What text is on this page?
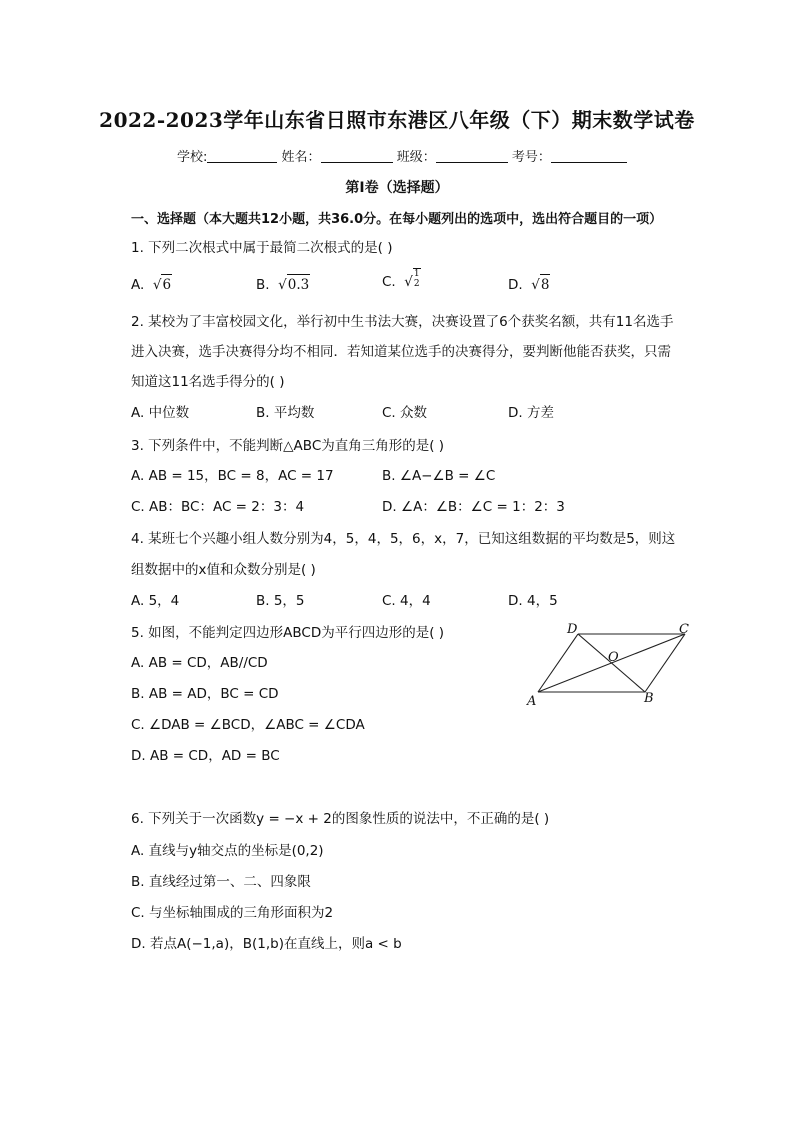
2022-2023学年山东省日照市东港区八年级（下）期末数学试卷
学校:	姓名：	班级：	考号：
第Ⅰ卷（选择题）
一、选择题（本大题共12小题，共36.0分。在每小题列出的选项中，选出符合题目的一项）
1. 下列二次根式中属于最简二次根式的是( )
A.  √6	B.  √0.3	C.  √1
2	D.  √8
2. 某校为了丰富校园文化，举行初中生书法大赛，决赛设置了6个获奖名额，共有11名选手
进入决赛，选手决赛得分均不相同．若知道某位选手的决赛得分，要判断他能否获奖，只需
知道这11名选手得分的( )
A. 中位数	B. 平均数	C. 众数	D. 方差
3. 下列条件中，不能判断△ABC为直角三角形的是( )
A. AB = 15，BC = 8，AC = 17	B. ∠A−∠B = ∠C
C. AB：BC：AC = 2：3：4	D. ∠A：∠B：∠C = 1：2：3
4. 某班七个兴趣小组人数分别为4，5，4，5，6，x，7，已知这组数据的平均数是5，则这
组数据中的x值和众数分别是( )
A. 5，4	B. 5，5	C. 4，4	D. 4，5
5. 如图，不能判定四边形ABCD为平行四边形的是( )
A. AB = CD，AB//CD
B. AB = AD，BC = CD
C. ∠DAB = ∠BCD，∠ABC = ∠CDA
D. AB = CD，AD = BC
D	C
O
A	B
6. 下列关于一次函数y = −x + 2的图象性质的说法中，不正确的是( )
A. 直线与y轴交点的坐标是(0,2)
B. 直线经过第一、二、四象限
C. 与坐标轴围成的三角形面积为2
D. 若点A(−1,a)，B(1,b)在直线上，则a < b
